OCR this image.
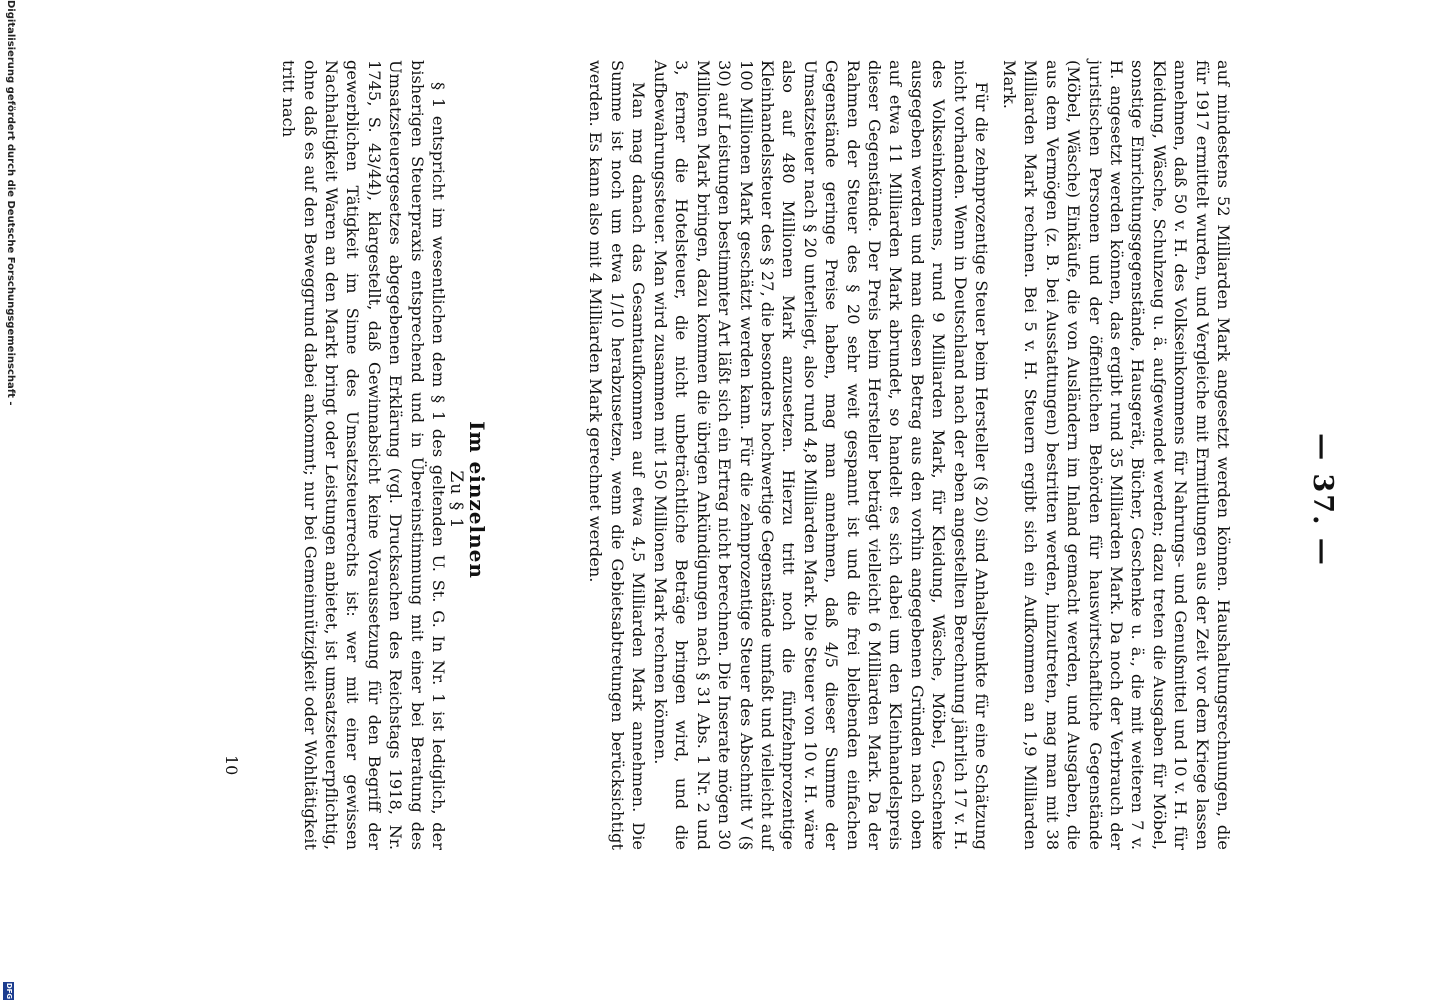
— 37. —

auf mindestens 52 Milliarden Mark angesetzt werden können. Haushaltungsrechnungen, die für 1917 ermittelt wurden, und Vergleiche mit Ermittlungen aus der Zeit vor dem Kriege lassen annehmen, daß 50 v. H. des Volkseinkommens für Nahrungs- und Genußmittel und 10 v. H. für Kleidung, Wäsche, Schuhzeug u. ä. aufgewendet werden; dazu treten die Ausgaben für Möbel, sonstige Einrichtungsgegenstände, Hausgerät, Bücher, Geschenke u. ä., die mit weiteren 7 v. H. angesetzt werden können, das ergibt rund 35 Milliarden Mark. Da noch der Verbrauch der juristischen Personen und der öffentlichen Behörden für hauswirtschaftliche Gegenstände (Möbel, Wäsche) Einkäufe, die von Ausländern im Inland gemacht werden, und Ausgaben, die aus dem Vermögen (z. B. bei Ausstattungen) bestritten werden, hinzutreten, mag man mit 38 Milliarden Mark rechnen. Bei 5 v. H. Steuern ergibt sich ein Aufkommen an 1,9 Milliarden Mark.

Für die zehnprozentige Steuer beim Hersteller (§ 20) sind Anhaltspunkte für eine Schätzung nicht vorhanden. Wenn in Deutschland nach der eben angestellten Berechnung jährlich 17 v. H. des Volkseinkommens, rund 9 Milliarden Mark, für Kleidung, Wäsche, Möbel, Geschenke ausgegeben werden und man diesen Betrag aus den vorhin angegebenen Gründen nach oben auf etwa 11 Milliarden Mark abrundet, so handelt es sich dabei um den Kleinhandelspreis dieser Gegenstände. Der Preis beim Hersteller beträgt vielleicht 6 Milliarden Mark. Da der Rahmen der Steuer des § 20 sehr weit gespannt ist und die frei bleibenden einfachen Gegenstände geringe Preise haben, mag man annehmen, daß 4/5 dieser Summe der Umsatzsteuer nach § 20 unterliegt, also rund 4,8 Milliarden Mark. Die Steuer von 10 v. H. wäre also auf 480 Millionen Mark anzusetzen. Hierzu tritt noch die fünfzehnprozentige Kleinhandelssteuer des § 27, die besonders hochwertige Gegenstände umfaßt und vielleicht auf 100 Millionen Mark geschätzt werden kann. Für die zehnprozentige Steuer des Abschnitt V (§ 30) auf Leistungen bestimmter Art läßt sich ein Ertrag nicht berechnen. Die Inserate mögen 30 Millionen Mark bringen, dazu kommen die übrigen Ankündigungen nach § 31 Abs. 1 Nr. 2 und 3, ferner die Hotelsteuer, die nicht unbeträchtliche Beträge bringen wird, und die Aufbewahrungssteuer. Man wird zusammen mit 150 Millionen Mark rechnen können.

Man mag danach das Gesamtaufkommen auf etwa 4,5 Milliarden Mark annehmen. Die Summe ist noch um etwa 1/10 herabzusetzen, wenn die Gebietsabtretungen berücksichtigt werden. Es kann also mit 4 Milliarden Mark gerechnet werden.

Im einzelnen
Zu § 1

§ 1 entspricht im wesentlichen dem § 1 des geltenden U. St. G. In Nr. 1 ist lediglich, der bisherigen Steuerpraxis entsprechend und in Übereinstimmung mit einer bei Beratung des Umsatzsteuergesetzes abgegebenen Erklärung (vgl. Drucksachen des Reichstags 1918, Nr. 1745, S. 43/44), klargestellt, daß Gewinnabsicht keine Voraussetzung für den Begriff der gewerblichen Tätigkeit im Sinne des Umsatzsteuerrechts ist: wer mit einer gewissen Nachhaltigkeit Waren an den Markt bringt oder Leistungen anbietet, ist umsatzsteuerpflichtig, ohne daß es auf den Beweggrund dabei ankommt; nur bei Gemeinnützigkeit oder Wohltätigkeit tritt nach

10
Digitalisierung gefördert durch die Deutsche Forschungsgemeinschaft -
DFG
